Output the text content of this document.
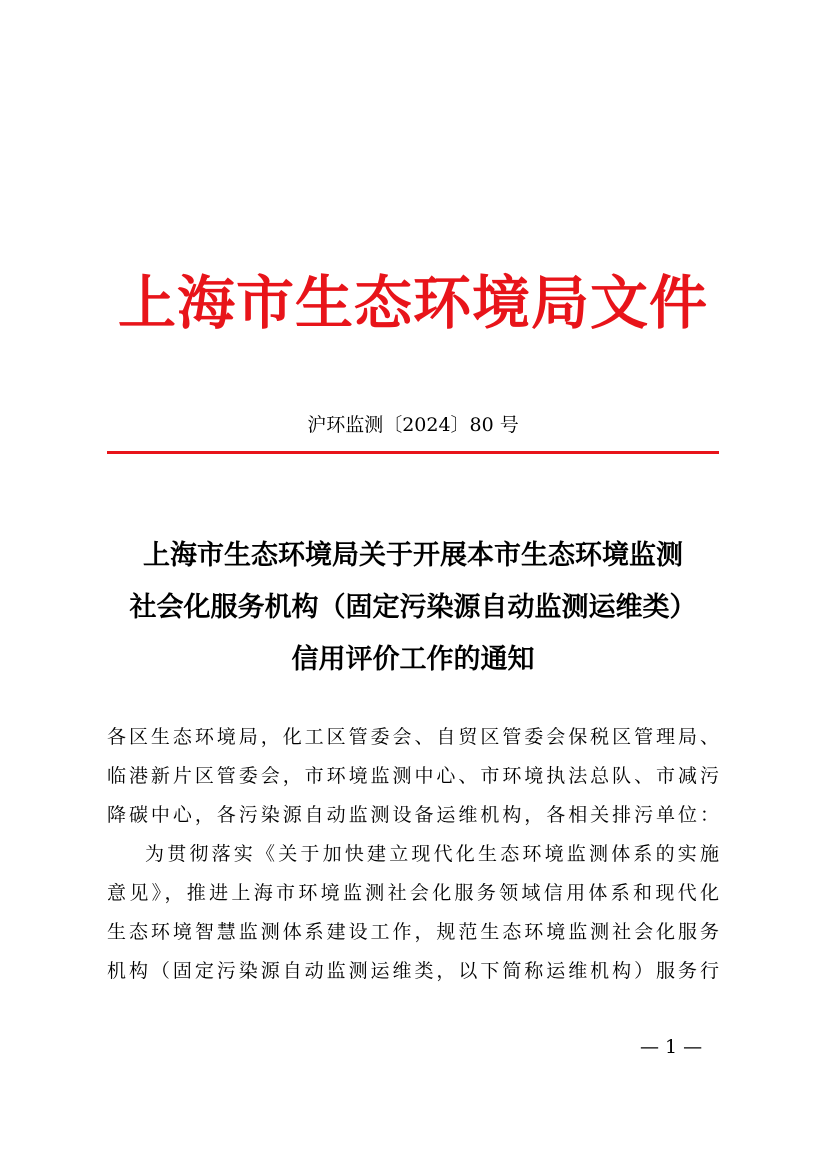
上海市生态环境局文件
沪环监测〔2024〕80 号
上海市生态环境局关于开展本市生态环境监测
社会化服务机构（固定污染源自动监测运维类）
信用评价工作的通知
各区生态环境局，化工区管委会、自贸区管委会保税区管理局、
临港新片区管委会，市环境监测中心、市环境执法总队、市减污
降碳中心，各污染源自动监测设备运维机构，各相关排污单位：
为贯彻落实《关于加快建立现代化生态环境监测体系的实施
意见》，推进上海市环境监测社会化服务领域信用体系和现代化
生态环境智慧监测体系建设工作，规范生态环境监测社会化服务
机构（固定污染源自动监测运维类，以下简称运维机构）服务行
— 1 —
